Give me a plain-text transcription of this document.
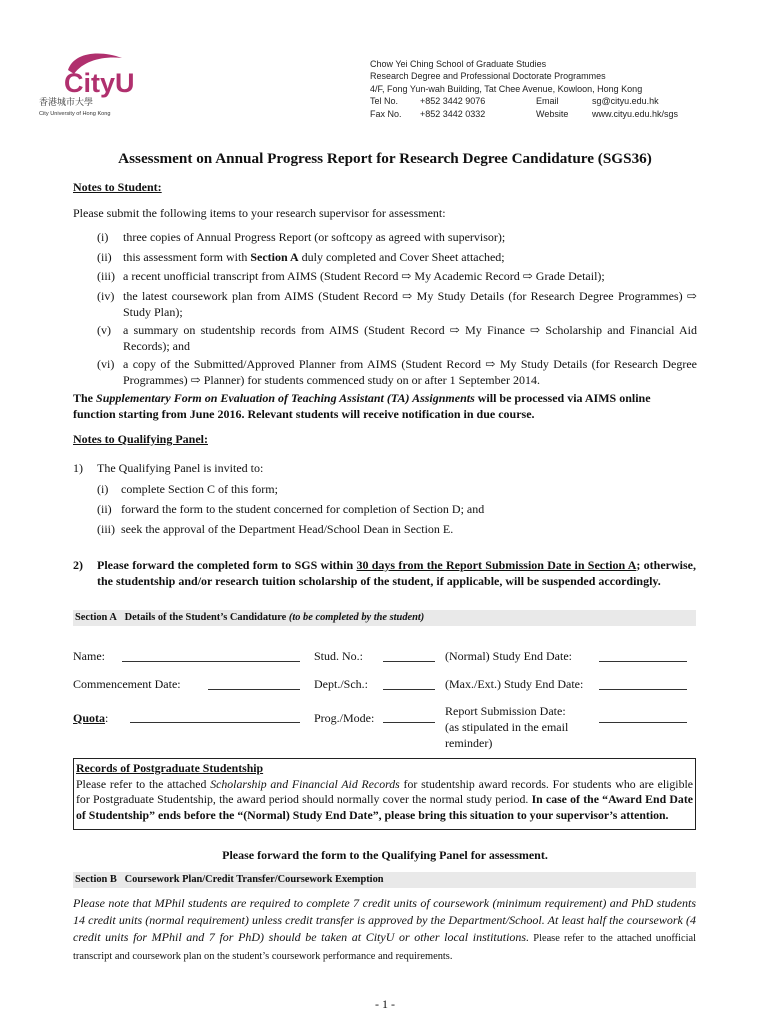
CityU
香港城市大學
City University of Hong Kong
Chow Yei Ching School of Graduate Studies
Research Degree and Professional Doctorate Programmes
4/F, Fong Yun-wah Building, Tat Chee Avenue, Kowloon, Hong Kong
Tel No. +852 3442 9076	Email	sg@cityu.edu.hk
Fax No. +852 3442 0332	Website	www.cityu.edu.hk/sgs
Assessment on Annual Progress Report for Research Degree Candidature (SGS36)
Notes to Student:
Please submit the following items to your research supervisor for assessment:
(i) three copies of Annual Progress Report (or softcopy as agreed with supervisor);
(ii) this assessment form with Section A duly completed and Cover Sheet attached;
(iii) a recent unofficial transcript from AIMS (Student Record ⇨ My Academic Record ⇨ Grade Detail);
(iv) the latest coursework plan from AIMS (Student Record ⇨ My Study Details (for Research Degree Programmes) ⇨ Study Plan);
(v) a summary on studentship records from AIMS (Student Record ⇨ My Finance ⇨ Scholarship and Financial Aid Records); and
(vi) a copy of the Submitted/Approved Planner from AIMS (Student Record ⇨ My Study Details (for Research Degree Programmes) ⇨ Planner) for students commenced study on or after 1 September 2014.
The Supplementary Form on Evaluation of Teaching Assistant (TA) Assignments will be processed via AIMS online function starting from June 2016. Relevant students will receive notification in due course.
Notes to Qualifying Panel:
1) The Qualifying Panel is invited to:
(i) complete Section C of this form;
(ii) forward the form to the student concerned for completion of Section D; and
(iii) seek the approval of the Department Head/School Dean in Section E.
2) Please forward the completed form to SGS within 30 days from the Report Submission Date in Section A; otherwise, the studentship and/or research tuition scholarship of the student, if applicable, will be suspended accordingly.
Section A Details of the Student’s Candidature (to be completed by the student)
Name:	Stud. No.:	(Normal) Study End Date:
Commencement Date:	Dept./Sch.:	(Max./Ext.) Study End Date:
Quota:	Prog./Mode:	Report Submission Date:
(as stipulated in the email
reminder)
Records of Postgraduate Studentship
Please refer to the attached Scholarship and Financial Aid Records for studentship award records. For students who are eligible for Postgraduate Studentship, the award period should normally cover the normal study period. In case of the “Award End Date of Studentship” ends before the “(Normal) Study End Date”, please bring this situation to your supervisor’s attention.
Please forward the form to the Qualifying Panel for assessment.
Section B Coursework Plan/Credit Transfer/Coursework Exemption
Please note that MPhil students are required to complete 7 credit units of coursework (minimum requirement) and PhD students 14 credit units (normal requirement) unless credit transfer is approved by the Department/School. At least half the coursework (4 credit units for MPhil and 7 for PhD) should be taken at CityU or other local institutions. Please refer to the attached unofficial transcript and coursework plan on the student’s coursework performance and requirements.
- 1 -
